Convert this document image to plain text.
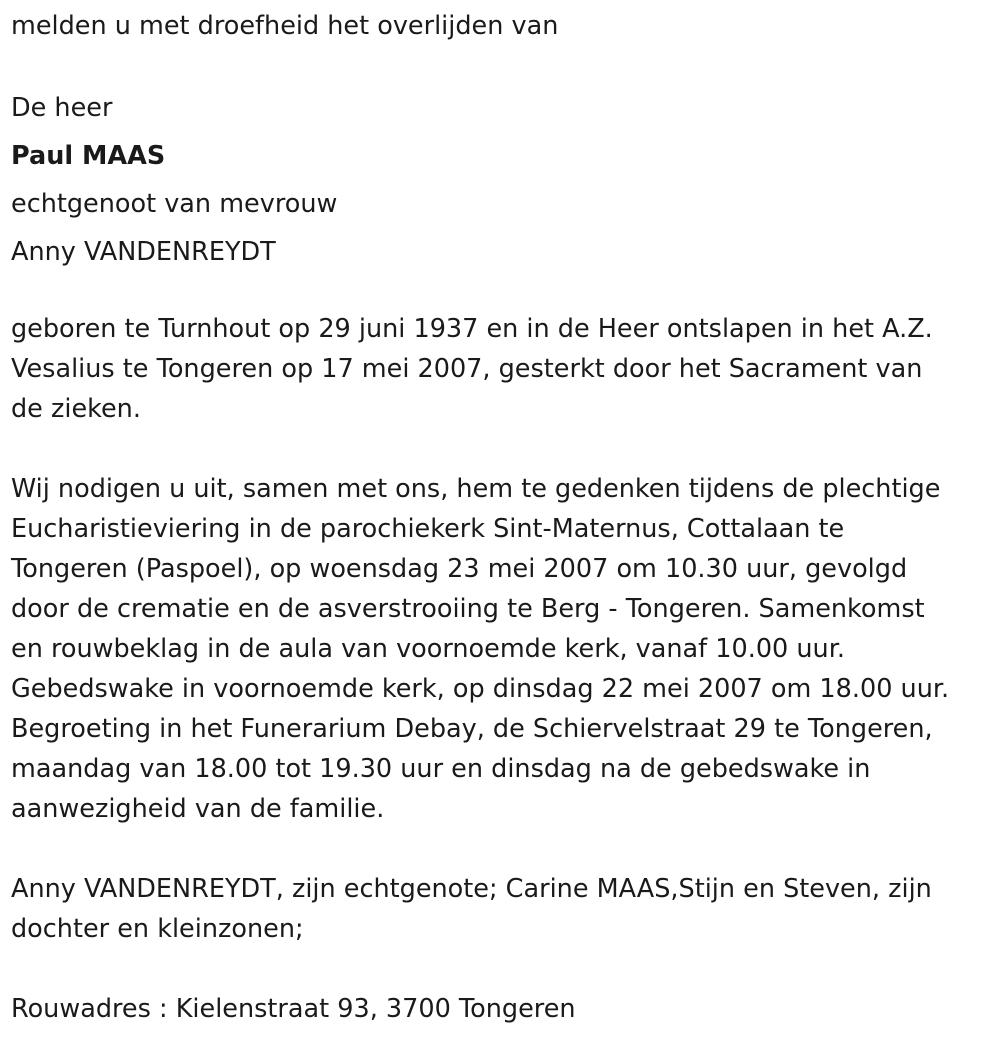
melden u met droefheid het overlijden van

De heer

Paul MAAS

echtgenoot van mevrouw

Anny VANDENREYDT

geboren te Turnhout op 29 juni 1937 en in de Heer ontslapen in het A.Z.

Vesalius te Tongeren op 17 mei 2007, gesterkt door het Sacrament van

de zieken.

Wij nodigen u uit, samen met ons, hem te gedenken tijdens de plechtige

Eucharistieviering in de parochiekerk Sint-Maternus, Cottalaan te

Tongeren (Paspoel), op woensdag 23 mei 2007 om 10.30 uur, gevolgd

door de crematie en de asverstrooiing te Berg - Tongeren. Samenkomst

en rouwbeklag in de aula van voornoemde kerk, vanaf 10.00 uur.

Gebedswake in voornoemde kerk, op dinsdag 22 mei 2007 om 18.00 uur.

Begroeting in het Funerarium Debay, de Schiervelstraat 29 te Tongeren,

maandag van 18.00 tot 19.30 uur en dinsdag na de gebedswake in

aanwezigheid van de familie.

Anny VANDENREYDT, zijn echtgenote; Carine MAAS,Stijn en Steven, zijn

dochter en kleinzonen;

Rouwadres : Kielenstraat 93, 3700 Tongeren
